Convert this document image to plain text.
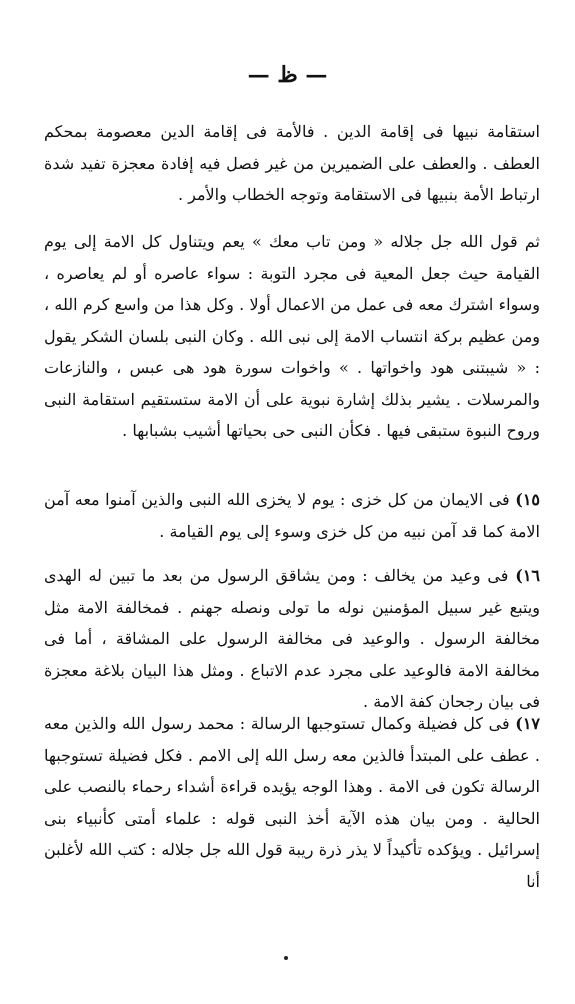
— ظ —
استقامة نبيها فى إقامة الدين . فالأمة فى إقامة الدين معصومة بمحكم العطف . والعطف على الضميرين من غير فصل فيه إفادة معجزة تفيد شدة ارتباط الأمة بنبيها فى الاستقامة وتوجه الخطاب والأمر .
ثم قول الله جل جلاله « ومن تاب معك » يعم ويتناول كل الامة إلى يوم القيامة حيث جعل المعية فى مجرد التوبة : سواء عاصره أو لم يعاصره ، وسواء اشترك معه فى عمل من الاعمال أولا . وكل هذا من واسع كرم الله ، ومن عظيم بركة انتساب الامة إلى نبى الله . وكان النبى بلسان الشكر يقول : « شيبتنى هود واخواتها . » واخوات سورة هود هى عبس ، والنازعات والمرسلات . يشير بذلك إشارة نبوية على أن الامة ستستقيم استقامة النبى وروح النبوة ستبقى فيها . فكأن النبى حى بحياتها أشيب بشبابها .
١٥) فى الايمان من كل خزى : يوم لا يخزى الله النبى والذين آمنوا معه آمن الامة كما قد آمن نبيه من كل خزى وسوء إلى يوم القيامة .
١٦) فى وعيد من يخالف : ومن يشاقق الرسول من بعد ما تبين له الهدى ويتبع غير سبيل المؤمنين نوله ما تولى ونصله جهنم . فمخالفة الامة مثل مخالفة الرسول . والوعيد فى مخالفة الرسول على المشاقة ، أما فى مخالفة الامة فالوعيد على مجرد عدم الاتباع . ومثل هذا البيان بلاغة معجزة فى بيان رجحان كفة الامة .
١٧) فى كل فضيلة وكمال تستوجبها الرسالة : محمد رسول الله والذين معه . عطف على المبتدأ فالذين معه رسل الله إلى الامم . فكل فضيلة تستوجبها الرسالة تكون فى الامة . وهذا الوجه يؤيده قراءة أشداء رحماء بالنصب على الحالية . ومن بيان هذه الآية أخذ النبى قوله : علماء أمتى كأنبياء بنى إسرائيل . ويؤكده تأكيداً لا يذر ذرة ريبة قول الله جل جلاله : كتب الله لأغلبن أنا
